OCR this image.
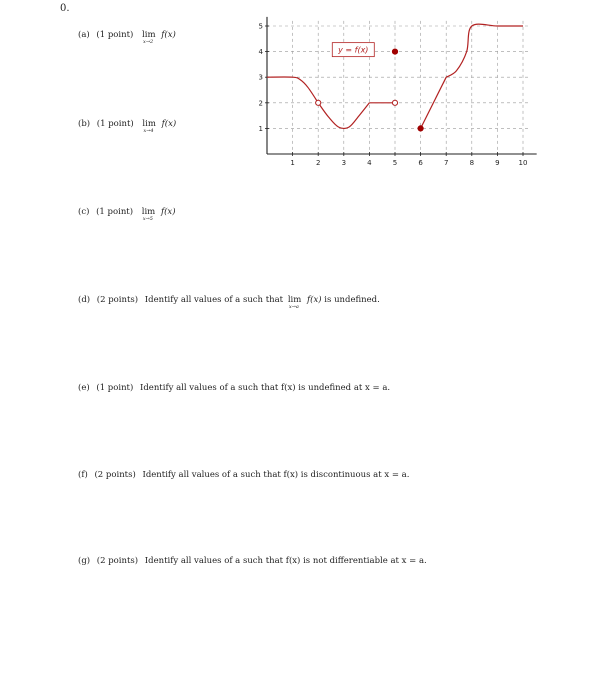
0.
(a) (1 point) lim
x→2
f(x)
(b) (1 point) lim
x→4
f(x)
(c) (1 point) lim
x→5
f(x)
(d) (2 points) Identify all values of a such that lim
x→a
f(x) is undefined.
(e) (1 point) Identify all values of a such that f(x) is undefined at x = a.
(f) (2 points) Identify all values of a such that f(x) is discontinuous at x = a.
(g) (2 points) Identify all values of a such that f(x) is not differentiable at x = a.
1	2	3	4	5	6	7	8	9	10
1
2
3
4
5
y = f(x)
